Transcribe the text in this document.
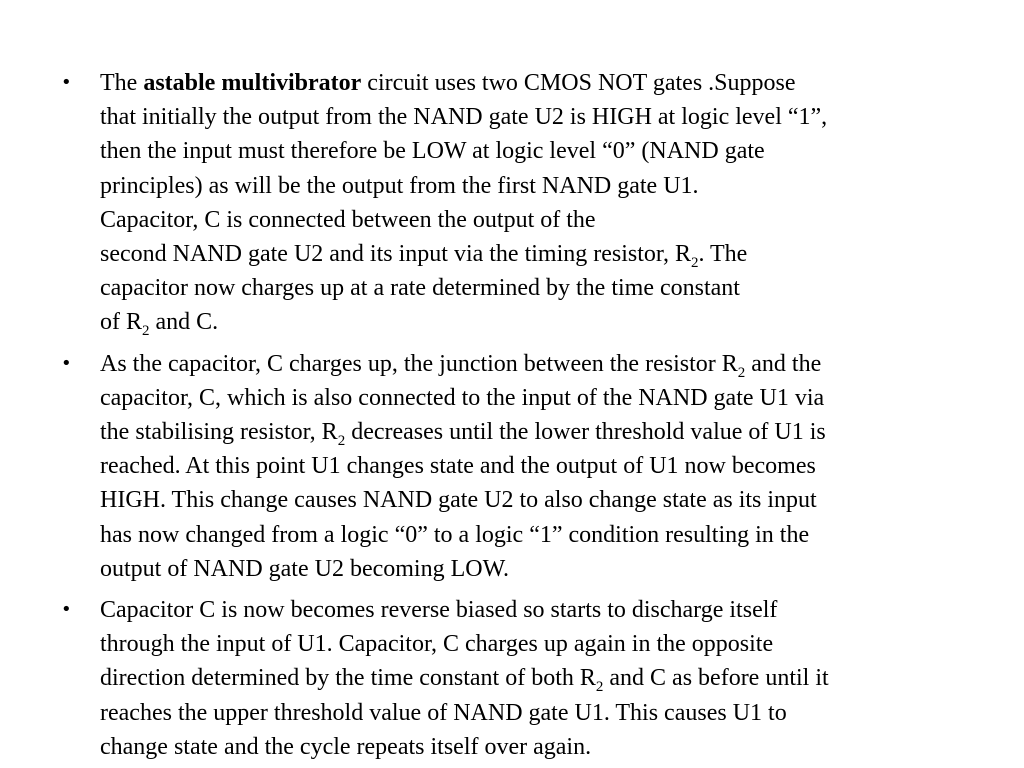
• The astable multivibrator circuit uses two CMOS NOT gates .Suppose
that initially the output from the NAND gate U2 is HIGH at logic level “1”,
then the input must therefore be LOW at logic level “0” (NAND gate
principles) as will be the output from the first NAND gate U1.
Capacitor, C is connected between the output of the
second NAND gate U2 and its input via the timing resistor, $R_2$. The
capacitor now charges up at a rate determined by the time constant
of $R_2$ and C.
• As the capacitor, C charges up, the junction between the resistor $R_2$ and the
capacitor, C, which is also connected to the input of the NAND gate U1 via
the stabilising resistor, $R_2$ decreases until the lower threshold value of U1 is
reached. At this point U1 changes state and the output of U1 now becomes
HIGH. This change causes NAND gate U2 to also change state as its input
has now changed from a logic “0” to a logic “1” condition resulting in the
output of NAND gate U2 becoming LOW.
• Capacitor C is now becomes reverse biased so starts to discharge itself
through the input of U1. Capacitor, C charges up again in the opposite
direction determined by the time constant of both $R_2$ and C as before until it
reaches the upper threshold value of NAND gate U1. This causes U1 to
change state and the cycle repeats itself over again.
